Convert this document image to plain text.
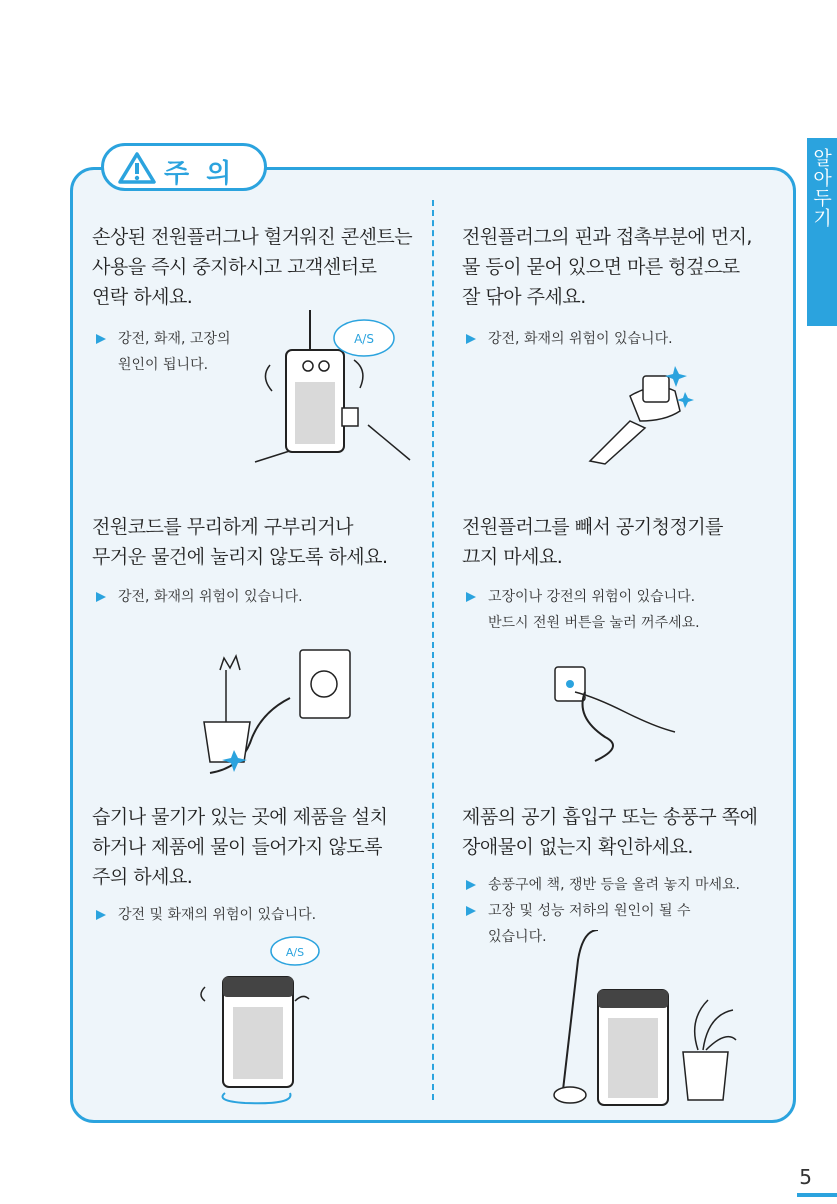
알아두기
주 의
손상된 전원플러그나 헐거워진 콘센트는
사용을 즉시 중지하시고 고객센터로
연락 하세요.
강전, 화재, 고장의
원인이 됩니다.
A/S
전원플러그의 핀과 접촉부분에 먼지,
물 등이 묻어 있으면 마른 헝겊으로
잘 닦아 주세요.
강전, 화재의 위험이 있습니다.
전원코드를 무리하게 구부리거나
무거운 물건에 눌리지 않도록 하세요.
강전, 화재의 위험이 있습니다.
전원플러그를 빼서 공기청정기를
끄지 마세요.
고장이나 강전의 위험이 있습니다.
반드시 전원 버튼을 눌러 꺼주세요.
습기나 물기가 있는 곳에 제품을 설치
하거나 제품에 물이 들어가지 않도록
주의 하세요.
강전 및 화재의 위험이 있습니다.
A/S
제품의 공기 흡입구 또는 송풍구 쪽에
장애물이 없는지 확인하세요.
송풍구에 책, 쟁반 등을 올려 놓지 마세요.
고장 및 성능 저하의 원인이 될 수
있습니다.
5
